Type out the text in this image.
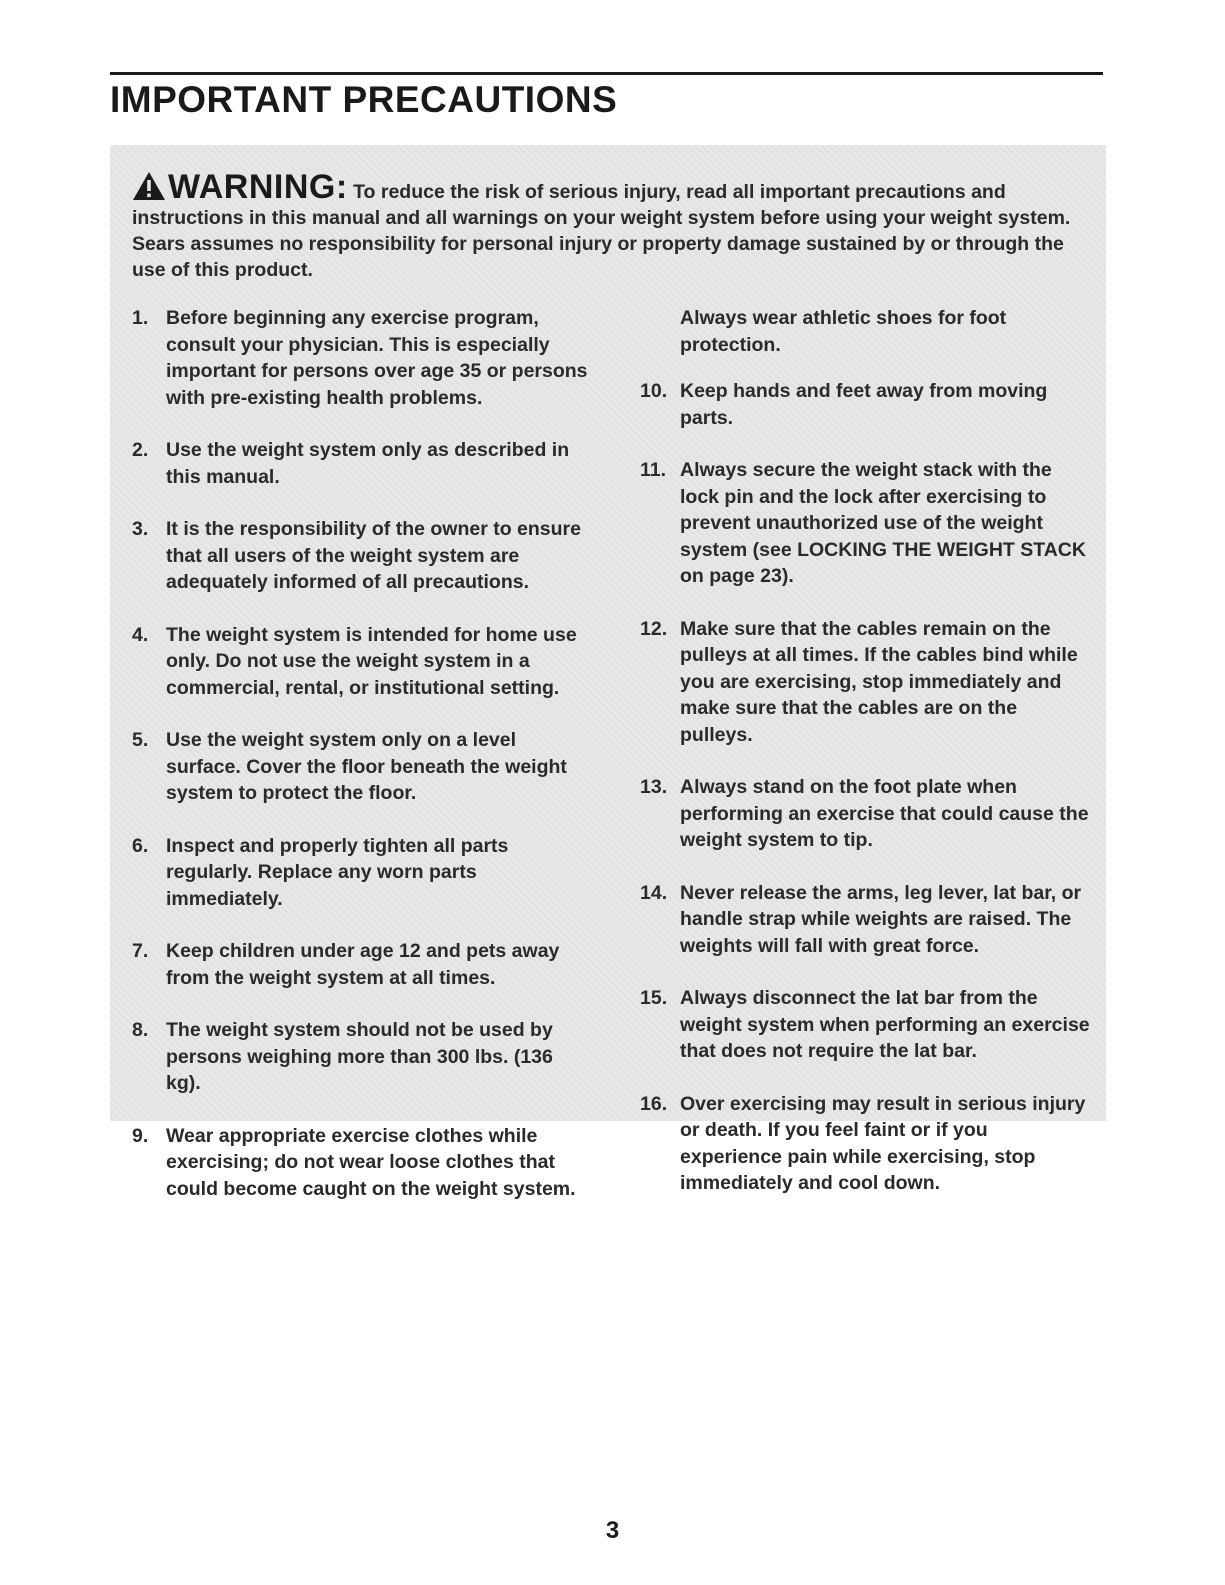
IMPORTANT PRECAUTIONS
WARNING: To reduce the risk of serious injury, read all important precautions and instructions in this manual and all warnings on your weight system before using your weight system. Sears assumes no responsibility for personal injury or property damage sustained by or through the use of this product.
1. Before beginning any exercise program, consult your physician. This is especially important for persons over age 35 or persons with pre-existing health problems.
2. Use the weight system only as described in this manual.
3. It is the responsibility of the owner to ensure that all users of the weight system are adequately informed of all precautions.
4. The weight system is intended for home use only. Do not use the weight system in a commercial, rental, or institutional setting.
5. Use the weight system only on a level surface. Cover the floor beneath the weight system to protect the floor.
6. Inspect and properly tighten all parts regularly. Replace any worn parts immediately.
7. Keep children under age 12 and pets away from the weight system at all times.
8. The weight system should not be used by persons weighing more than 300 lbs. (136 kg).
9. Wear appropriate exercise clothes while exercising; do not wear loose clothes that could become caught on the weight system.
Always wear athletic shoes for foot protection.
10. Keep hands and feet away from moving parts.
11. Always secure the weight stack with the lock pin and the lock after exercising to prevent unauthorized use of the weight system (see LOCKING THE WEIGHT STACK on page 23).
12. Make sure that the cables remain on the pulleys at all times. If the cables bind while you are exercising, stop immediately and make sure that the cables are on the pulleys.
13. Always stand on the foot plate when performing an exercise that could cause the weight system to tip.
14. Never release the arms, leg lever, lat bar, or handle strap while weights are raised. The weights will fall with great force.
15. Always disconnect the lat bar from the weight system when performing an exercise that does not require the lat bar.
16. Over exercising may result in serious injury or death. If you feel faint or if you experience pain while exercising, stop immediately and cool down.
3
